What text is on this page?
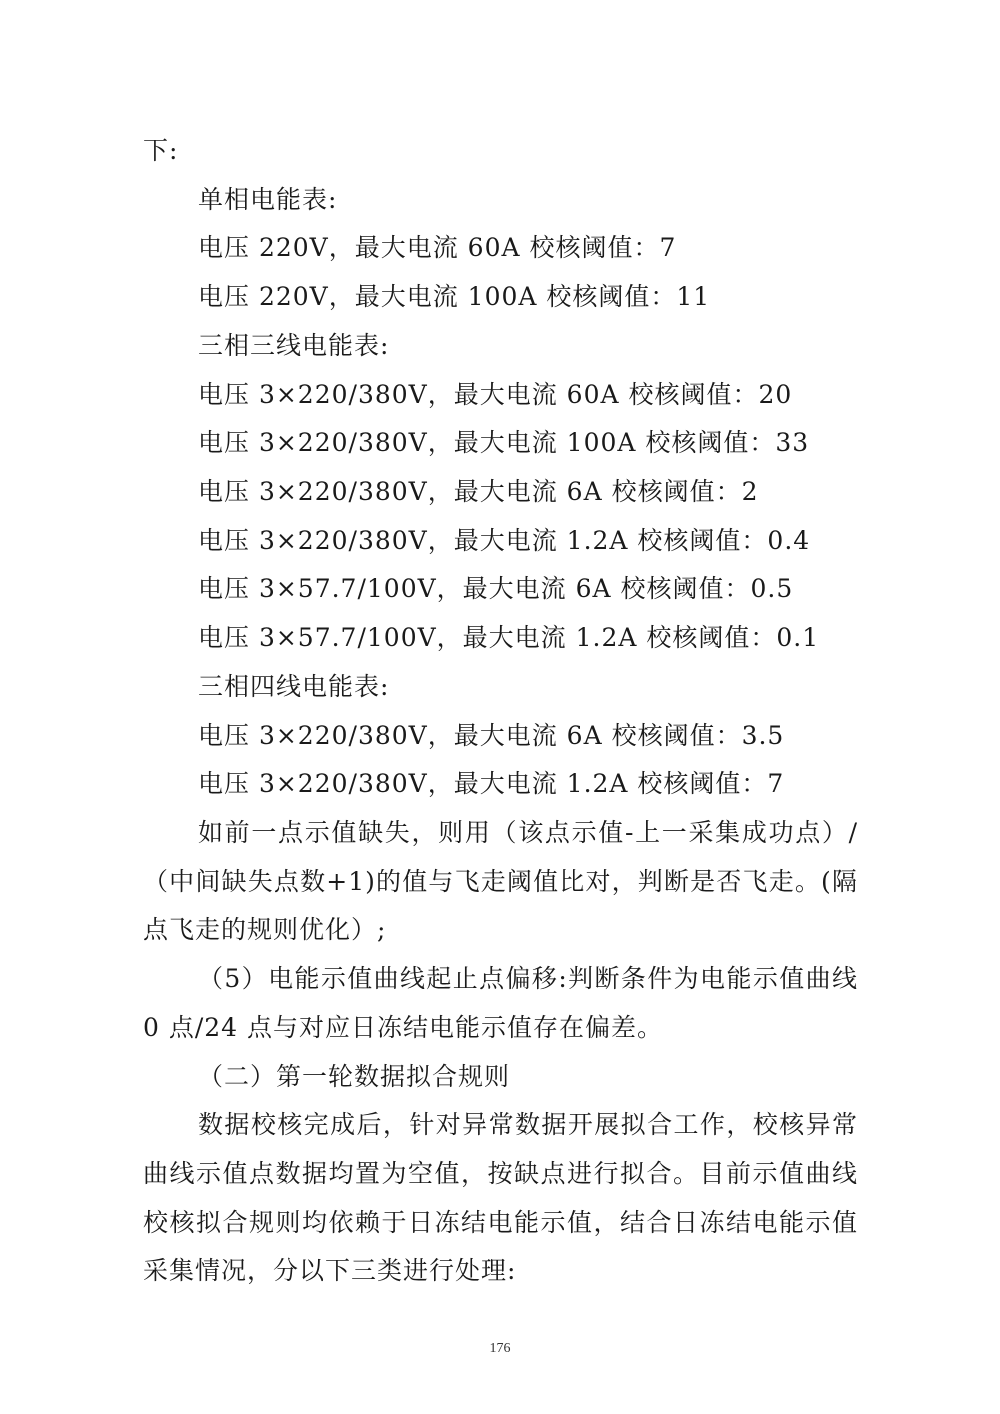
下:
单相电能表:
电压 220V，最大电流 60A 校核阈值：7
电压 220V，最大电流 100A 校核阈值：11
三相三线电能表:
电压 3×220/380V，最大电流 60A 校核阈值：20
电压 3×220/380V，最大电流 100A 校核阈值：33
电压 3×220/380V，最大电流 6A 校核阈值：2
电压 3×220/380V，最大电流 1.2A 校核阈值：0.4
电压 3×57.7/100V，最大电流 6A 校核阈值：0.5
电压 3×57.7/100V，最大电流 1.2A 校核阈值：0.1
三相四线电能表:
电压 3×220/380V，最大电流 6A 校核阈值：3.5
电压 3×220/380V，最大电流 1.2A 校核阈值：7
如前一点示值缺失，则用（该点示值-上一采集成功点）/
（中间缺失点数+1)的值与飞走阈值比对，判断是否飞走。(隔
点飞走的规则优化）;
（5）电能示值曲线起止点偏移:判断条件为电能示值曲线
0 点/24 点与对应日冻结电能示值存在偏差。
（二）第一轮数据拟合规则
数据校核完成后，针对异常数据开展拟合工作，校核异常
曲线示值点数据均置为空值，按缺点进行拟合。目前示值曲线
校核拟合规则均依赖于日冻结电能示值，结合日冻结电能示值
采集情况，分以下三类进行处理:
176
